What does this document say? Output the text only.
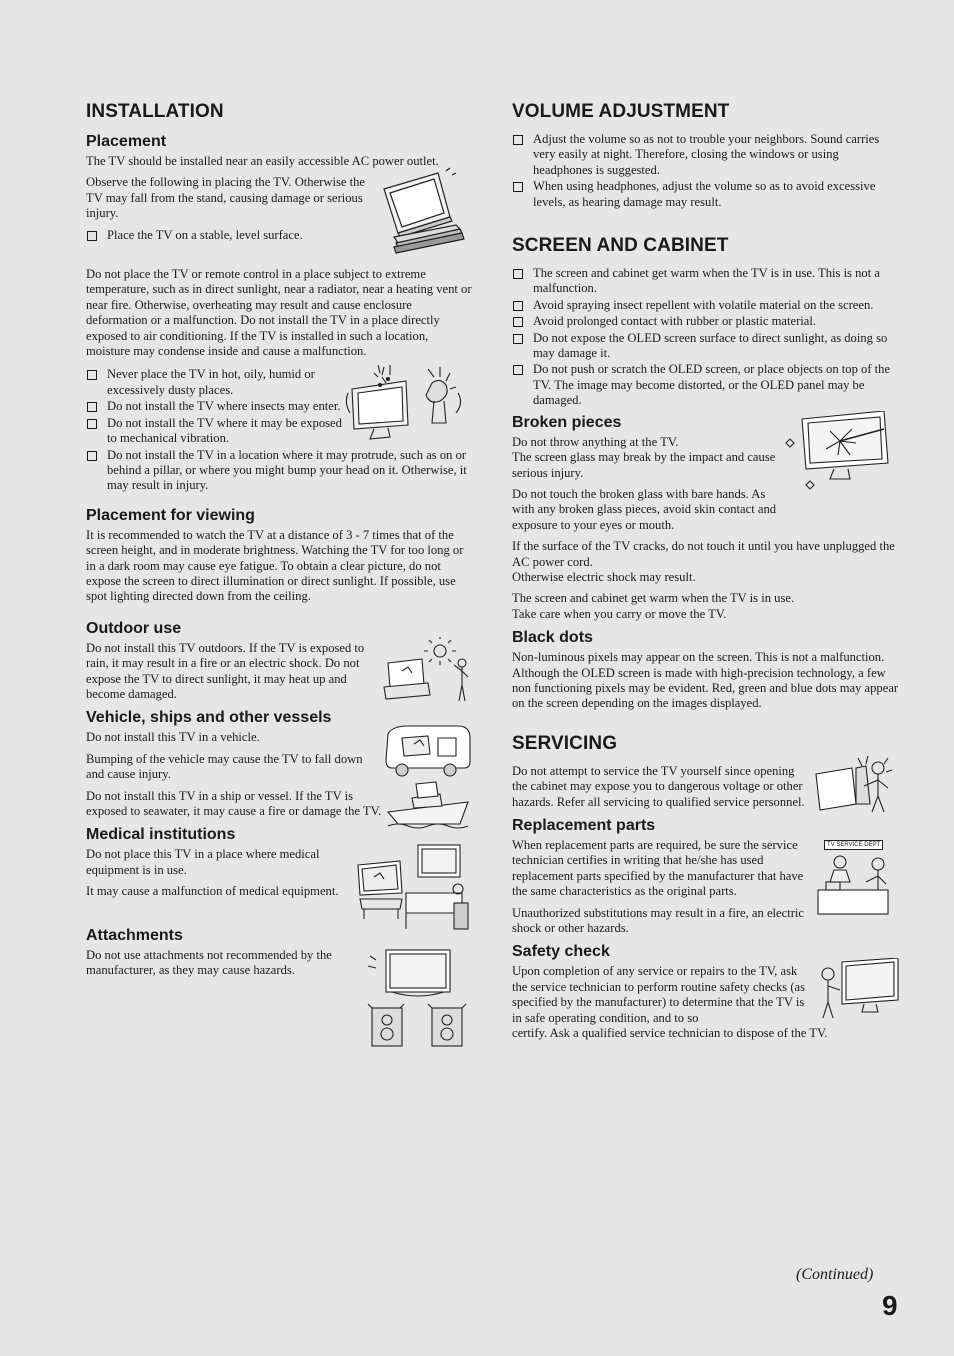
INSTALLATION
Placement

The TV should be installed near an easily accessible AC power outlet.

Observe the following in placing the TV. Otherwise the TV may fall from the stand, causing damage or serious injury.

Place the TV on a stable, level surface.

Do not place the TV or remote control in a place subject to extreme temperature, such as in direct sunlight, near a radiator, near a heating vent or near fire. Otherwise, overheating may result and cause enclosure deformation or a malfunction. Do not install the TV in a place directly exposed to air conditioning. If the TV is installed in such a location, moisture may condense inside and cause a malfunction.

Never place the TV in hot, oily, humid or excessively dusty places.
Do not install the TV where insects may enter.
Do not install the TV where it may be exposed to mechanical vibration.
Do not install the TV in a location where it may protrude, such as on or behind a pillar, or where you might bump your head on it. Otherwise, it may result in injury.
Placement for viewing

It is recommended to watch the TV at a distance of 3 - 7 times that of the screen height, and in moderate brightness. Watching the TV for too long or in a dark room may cause eye fatigue. To obtain a clear picture, do not expose the screen to direct illumination or direct sunlight. If possible, use spot lighting directed down from the ceiling.

Outdoor use

Do not install this TV outdoors. If the TV is exposed to rain, it may result in a fire or an electric shock. Do not expose the TV to direct sunlight, it may heat up and become damaged.

Vehicle, ships and other vessels

Do not install this TV in a vehicle.

Bumping of the vehicle may cause the TV to fall down and cause injury.

Do not install this TV in a ship or vessel. If the TV is exposed to seawater, it may cause a fire or damage the TV.

Medical institutions

Do not place this TV in a place where medical equipment is in use.

It may cause a malfunction of medical equipment.

Attachments

Do not use attachments not recommended by the manufacturer, as they may cause hazards.

VOLUME ADJUSTMENT
Adjust the volume so as not to trouble your neighbors. Sound carries very easily at night. Therefore, closing the windows or using headphones is suggested.
When using headphones, adjust the volume so as to avoid excessive levels, as hearing damage may result.
SCREEN AND CABINET
The screen and cabinet get warm when the TV is in use. This is not a malfunction.
Avoid spraying insect repellent with volatile material on the screen.
Avoid prolonged contact with rubber or plastic material.
Do not expose the OLED screen surface to direct sunlight, as doing so may damage it.
Do not push or scratch the OLED screen, or place objects on top of the TV. The image may become distorted, or the OLED panel may be damaged.
Broken pieces

Do not throw anything at the TV.

The screen glass may break by the impact and cause serious injury.

Do not touch the broken glass with bare hands. As with any broken glass pieces, avoid skin contact and exposure to your eyes or mouth.

If the surface of the TV cracks, do not touch it until you have unplugged the AC power cord.

Otherwise electric shock may result.

The screen and cabinet get warm when the TV is in use.

Take care when you carry or move the TV.

Black dots

Non-luminous pixels may appear on the screen. This is not a malfunction. Although the OLED screen is made with high-precision technology, a few non functioning pixels may be evident. Red, green and blue dots may appear on the screen depending on the images displayed.

SERVICING

Do not attempt to service the TV yourself since opening the cabinet may expose you to dangerous voltage or other hazards. Refer all servicing to qualified service personnel.

Replacement parts

When replacement parts are required, be sure the service technician certifies in writing that he/she has used replacement parts specified by the manufacturer that have the same characteristics as the original parts.

Unauthorized substitutions may result in a fire, an electric shock or other hazards.

TV SERVICE DEPT
Safety check

Upon completion of any service or repairs to the TV, ask the service technician to perform routine safety checks (as specified by the manufacturer) to determine that the TV is in safe operating condition, and to so

certify. Ask a qualified service technician to dispose of the TV.

(Continued)
9
